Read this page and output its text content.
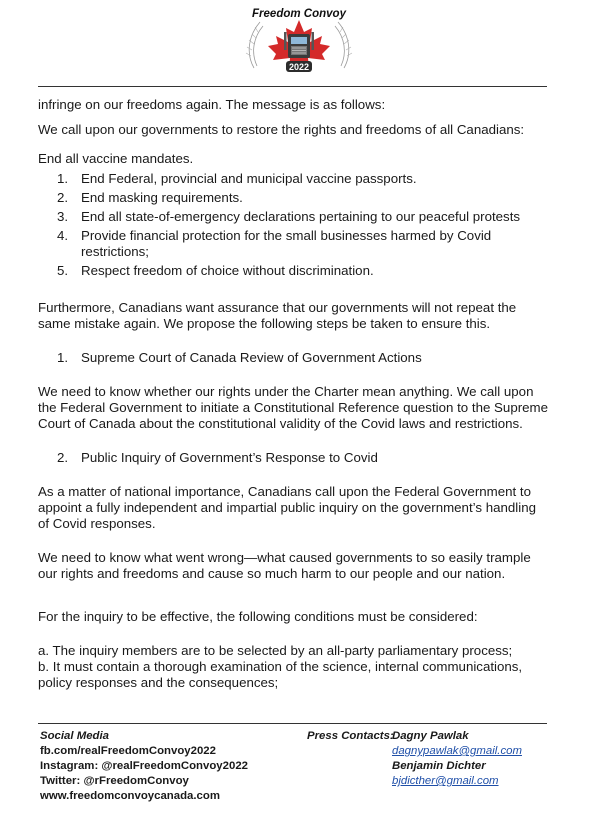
2022
Freedom Convoy

infringe on our freedoms again. The message is as follows:

We call upon our governments to restore the rights and freedoms of all Canadians:

End all vaccine mandates.

1. End Federal, provincial and municipal vaccine passports.
2. End masking requirements.
3. End all state-of-emergency declarations pertaining to our peaceful protests
4. Provide financial protection for the small businesses harmed by Covid restrictions;
5. Respect freedom of choice without discrimination.

Furthermore, Canadians want assurance that our governments will not repeat the same mistake again. We propose the following steps be taken to ensure this.

1. Supreme Court of Canada Review of Government Actions

We need to know whether our rights under the Charter mean anything. We call upon the Federal Government to initiate a Constitutional Reference question to the Supreme Court of Canada about the constitutional validity of the Covid laws and restrictions.

2. Public Inquiry of Government’s Response to Covid

As a matter of national importance, Canadians call upon the Federal Government to appoint a fully independent and impartial public inquiry on the government’s handling of Covid responses.

We need to know what went wrong—what caused governments to so easily trample our rights and freedoms and cause so much harm to our people and our nation.

For the inquiry to be effective, the following conditions must be considered:

a. The inquiry members are to be selected by an all-party parliamentary process;

b. It must contain a thorough examination of the science, internal communications, policy responses and the consequences;

Social Media
fb.com/realFreedomConvoy2022
Instagram: @realFreedomConvoy2022
Twitter: @rFreedomConvoy
www.freedomconvoycanada.com
Press Contacts:
Dagny Pawlak
dagnypawlak@gmail.com
Benjamin Dichter
bjdicther@gmail.com
